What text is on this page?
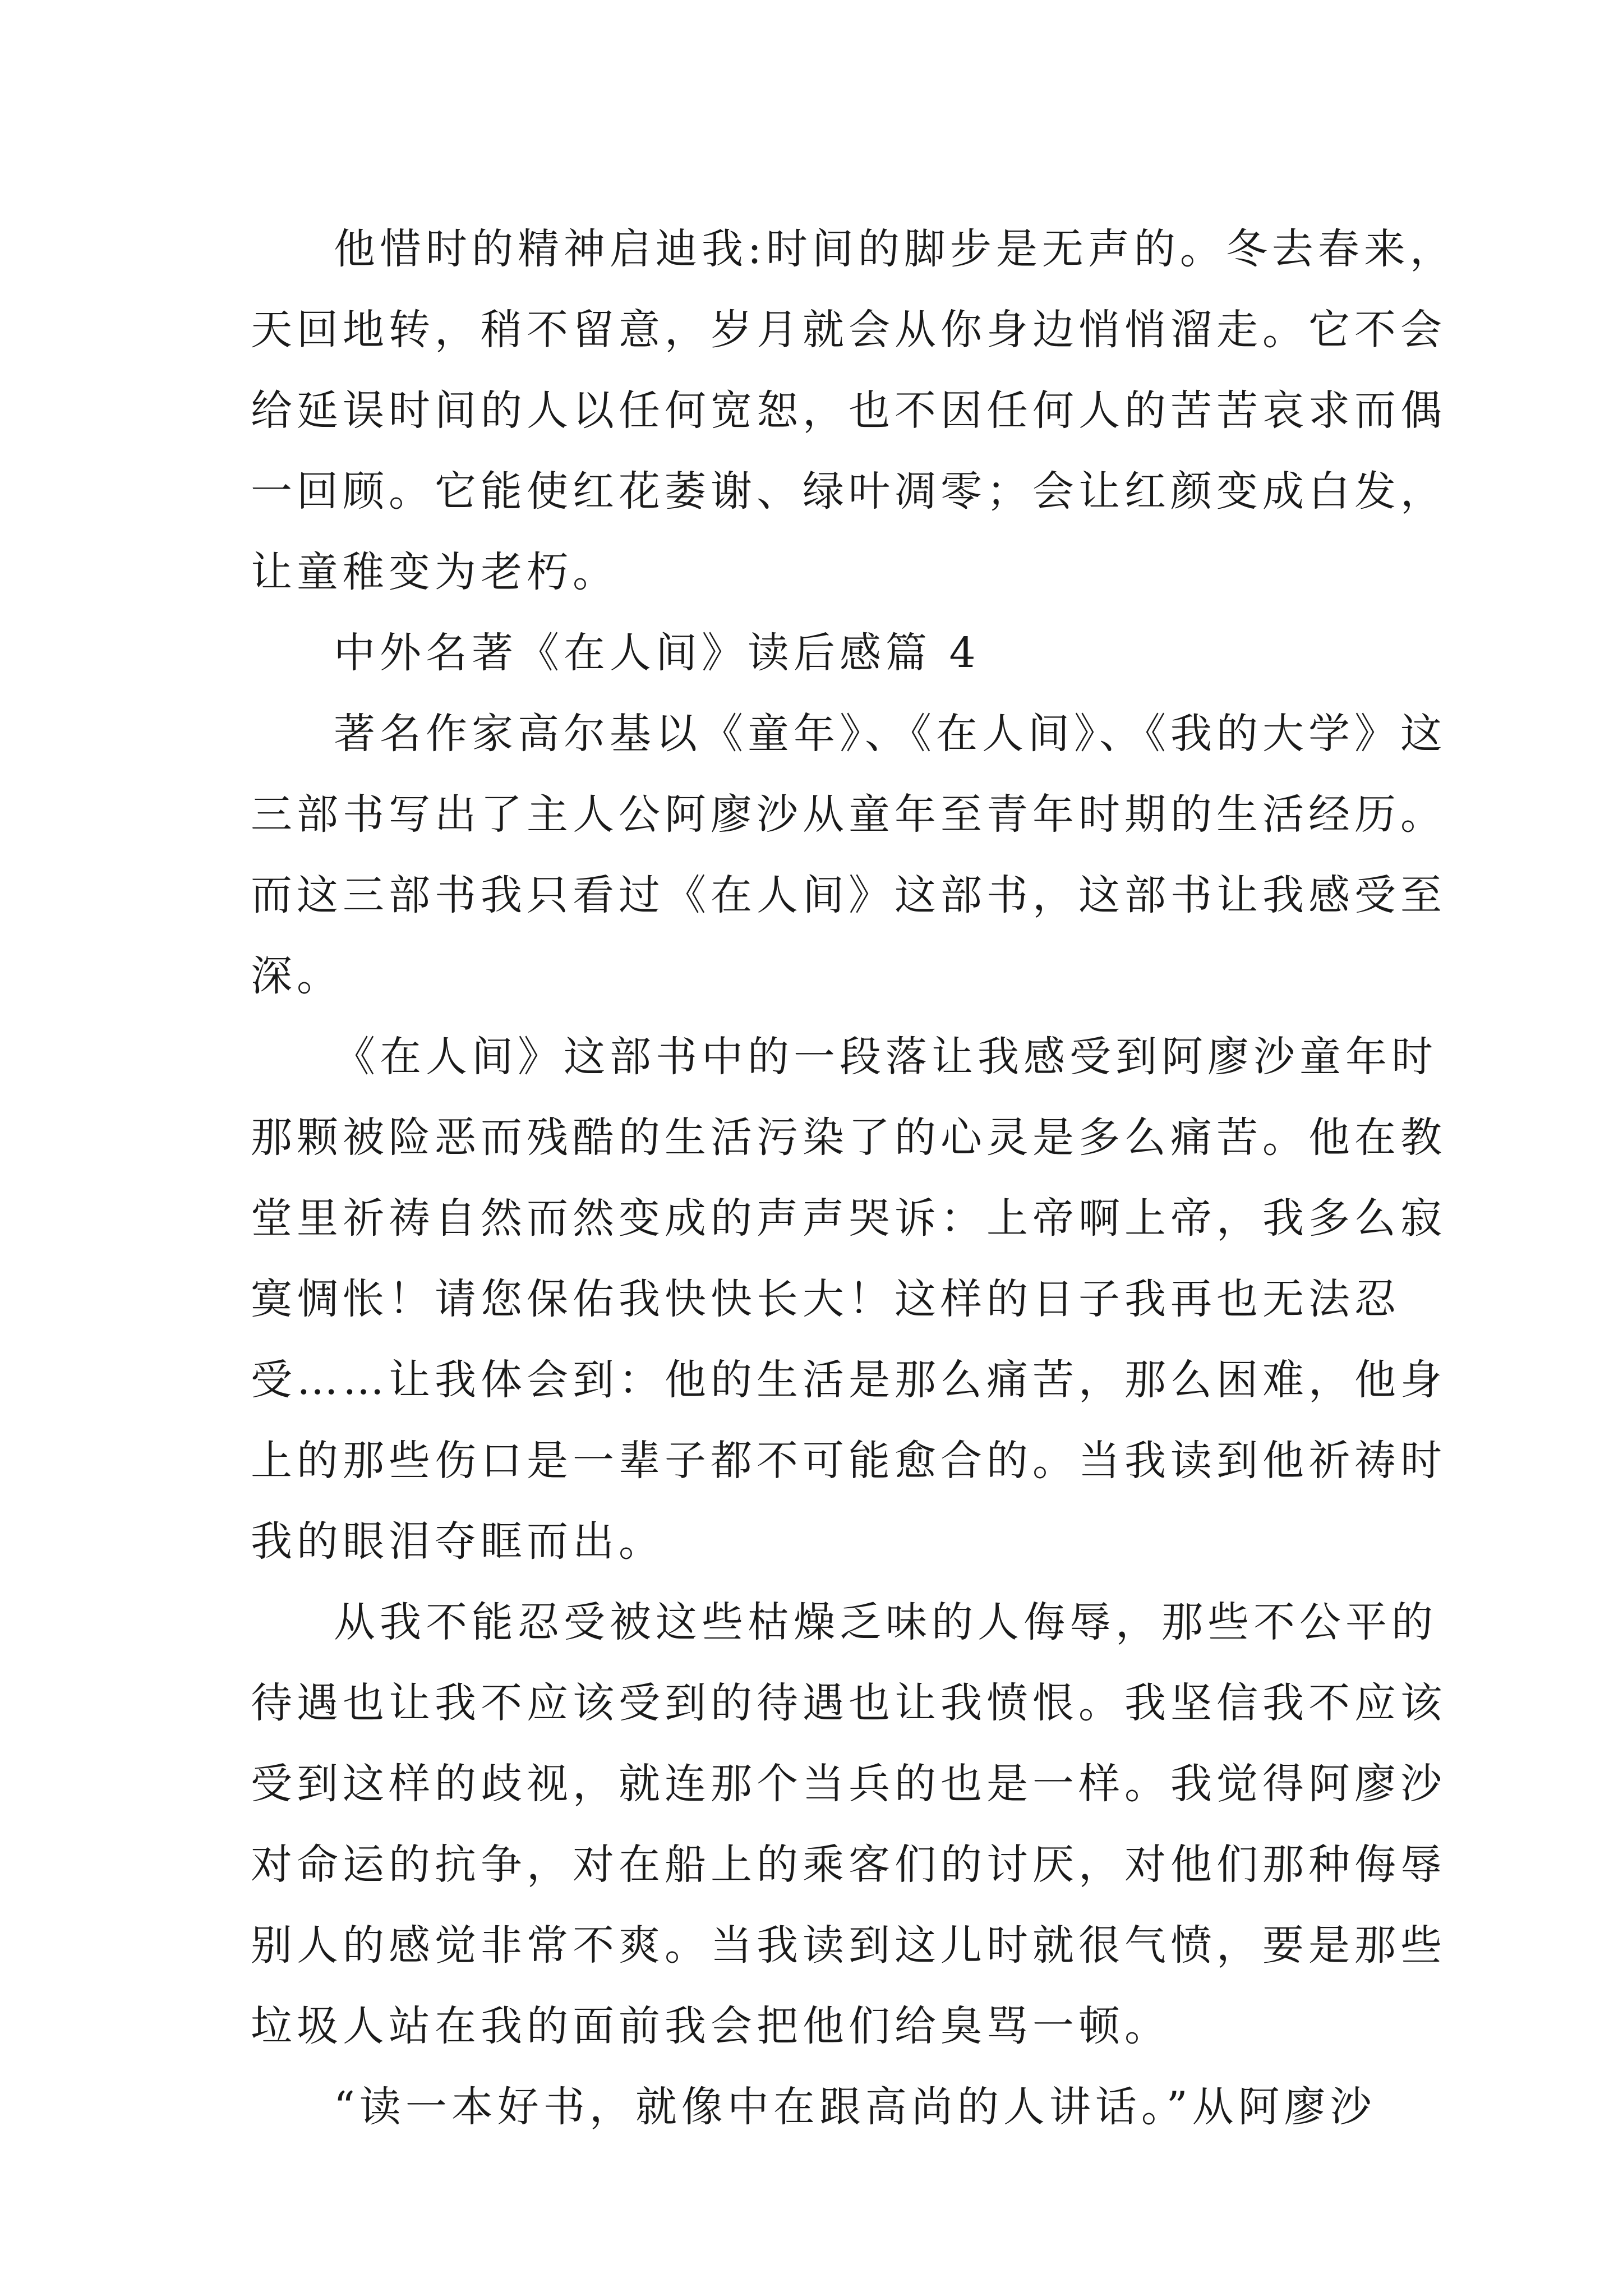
他惜时的精神启迪我:时间的脚步是无声的。冬去春来，
天回地转，稍不留意，岁月就会从你身边悄悄溜走。它不会
给延误时间的人以任何宽恕，也不因任何人的苦苦哀求而偶
一回顾。它能使红花萎谢、绿叶凋零；会让红颜变成白发，
让童稚变为老朽。

中外名著《在人间》读后感篇 4

著名作家高尔基以《童年》、《在人间》、《我的大学》这
三部书写出了主人公阿廖沙从童年至青年时期的生活经历。
而这三部书我只看过《在人间》这部书，这部书让我感受至
深。

《在人间》这部书中的一段落让我感受到阿廖沙童年时
那颗被险恶而残酷的生活污染了的心灵是多么痛苦。他在教
堂里祈祷自然而然变成的声声哭诉：上帝啊上帝，我多么寂
寞惆怅！请您保佑我快快长大！这样的日子我再也无法忍
受……让我体会到：他的生活是那么痛苦，那么困难，他身
上的那些伤口是一辈子都不可能愈合的。当我读到他祈祷时
我的眼泪夺眶而出。

从我不能忍受被这些枯燥乏味的人侮辱，那些不公平的
待遇也让我不应该受到的待遇也让我愤恨。我坚信我不应该
受到这样的歧视，就连那个当兵的也是一样。我觉得阿廖沙
对命运的抗争，对在船上的乘客们的讨厌，对他们那种侮辱
别人的感觉非常不爽。当我读到这儿时就很气愤，要是那些
垃圾人站在我的面前我会把他们给臭骂一顿。

“读一本好书，就像中在跟高尚的人讲话。”从阿廖沙
